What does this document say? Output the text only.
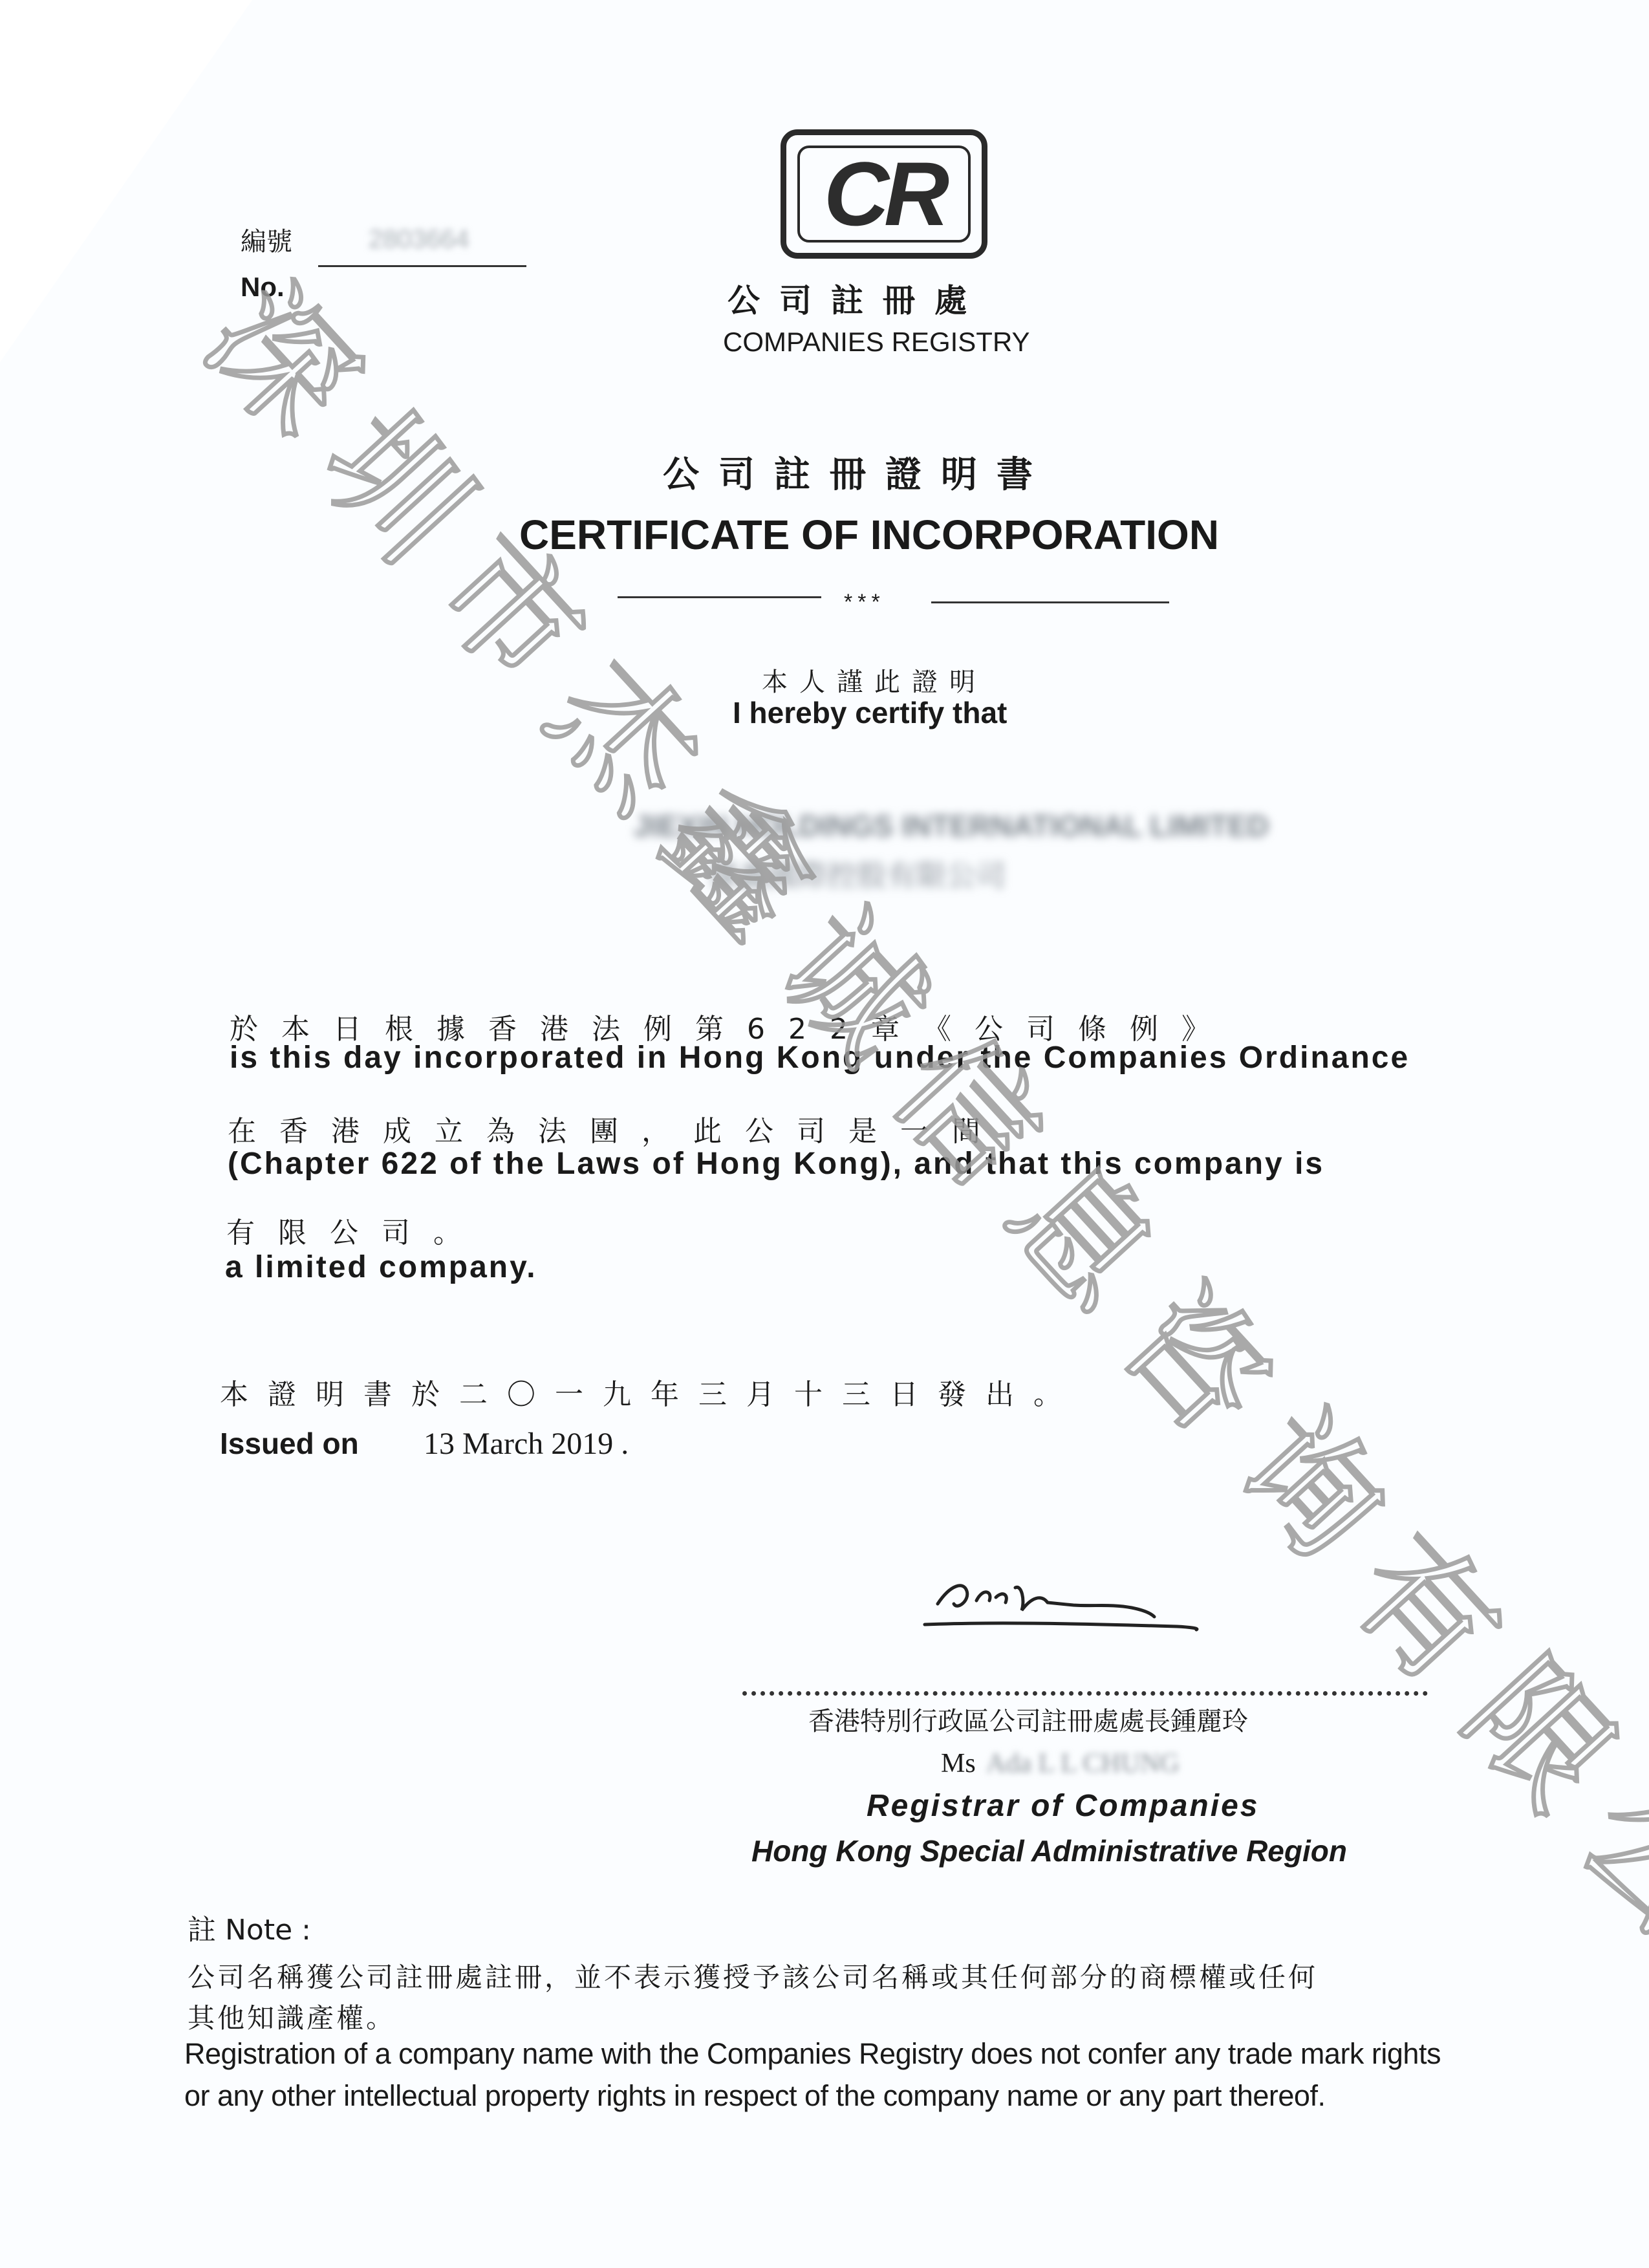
CR
編號
No.
2803664
公司註冊處
COMPANIES REGISTRY
公司註冊證明書
CERTIFICATE OF INCORPORATION
***
本人謹此證明
I hereby certify that
JIEXIN HOLDINGS INTERNATIONAL LIMITED
傑鑫國際控股有限公司
於本日根據香港法例第622章《公司條例》
is this day incorporated in Hong Kong under the Companies Ordinance
在香港成立為法團，此公司是一間
(Chapter 622 of the Laws of Hong Kong), and that this company is
有限公司。
a limited company.
本證明書於二〇一九年三月十三日發出。
Issued on 13 March 2019 .
香港特別行政區公司註冊處處長鍾麗玲
Ms Ada L L CHUNG
Registrar of Companies
Hong Kong Special Administrative Region
註 Note :
公司名稱獲公司註冊處註冊，並不表示獲授予該公司名稱或其任何部分的商標權或任何
其他知識產權。
Registration of a company name with the Companies Registry does not confer any trade mark rights
or any other intellectual property rights in respect of the company name or any part thereof.
